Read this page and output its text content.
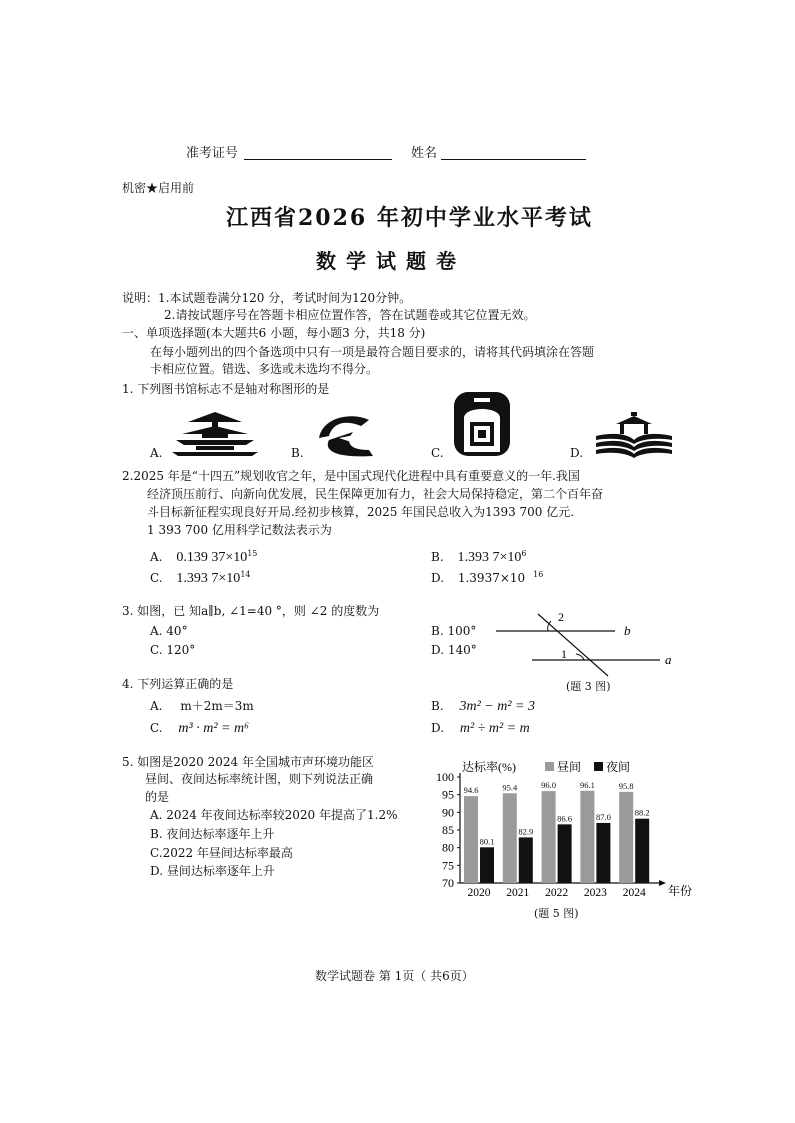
准考证号	姓名
机密★启用前
江西省2026 年初中学业水平考试
数学试题卷
说明：1.本试题卷满分120 分，考试时间为120分钟。
2.请按试题序号在答题卡相应位置作答，答在试题卷或其它位置无效。
一、单项选择题(本大题共6 小题，每小题3 分，共18 分)
在每小题列出的四个备选项中只有一项是最符合题目要求的，请将其代码填涂在答题
卡相应位置。错选、多选或未选均不得分。
1. 下列图书馆标志不是轴对称图形的是
A.	B.	C.	D.
2.2025 年是“十四五”规划收官之年，是中国式现代化进程中具有重要意义的一年.我国
经济顶压前行、向新向优发展，民生保障更加有力，社会大局保持稳定，第二个百年奋
斗目标新征程实现良好开局.经初步核算，2025 年国民总收入为1393 700 亿元.
1 393 700 亿用科学记数法表示为
A. 0.139 $37\times 10^{15}$	B. 1.393 $7\times 10^6$
C. 1.393 $7\times 10^{14}$	D. 1.3937×10 $^{16}$
3. 如图，已 知a∥b, ∠1=40 °，则 ∠2 的度数为
A. 40°	B. 100°
C. 120°	D. 140°
2
1
b
a
(题 3 图)
4. 下列运算正确的是
A. m＋2m＝3m	B. 3m² − m² = 3
C. m³ · m² = m⁶	D. m² ÷ m² = m
5. 如图是2020 2024 年全国城市声环境功能区
昼间、夜间达标率统计图，则下列说法正确
的是
A. 2024 年夜间达标率较2020 年提高了1.2%
B. 夜间达标率逐年上升
C.2022 年昼间达标率最高
D. 昼间达标率逐年上升
70
75
80
85
90
95
100
达标率(%)	昼间 夜间
年份
94.6
80.1
2020
95.4
82.9
2021
96.0
86.6
2022
96.1
87.0
2023
95.8
88.2
2024
(题 5 图)
数学试题卷 第 1页（ 共6页）
